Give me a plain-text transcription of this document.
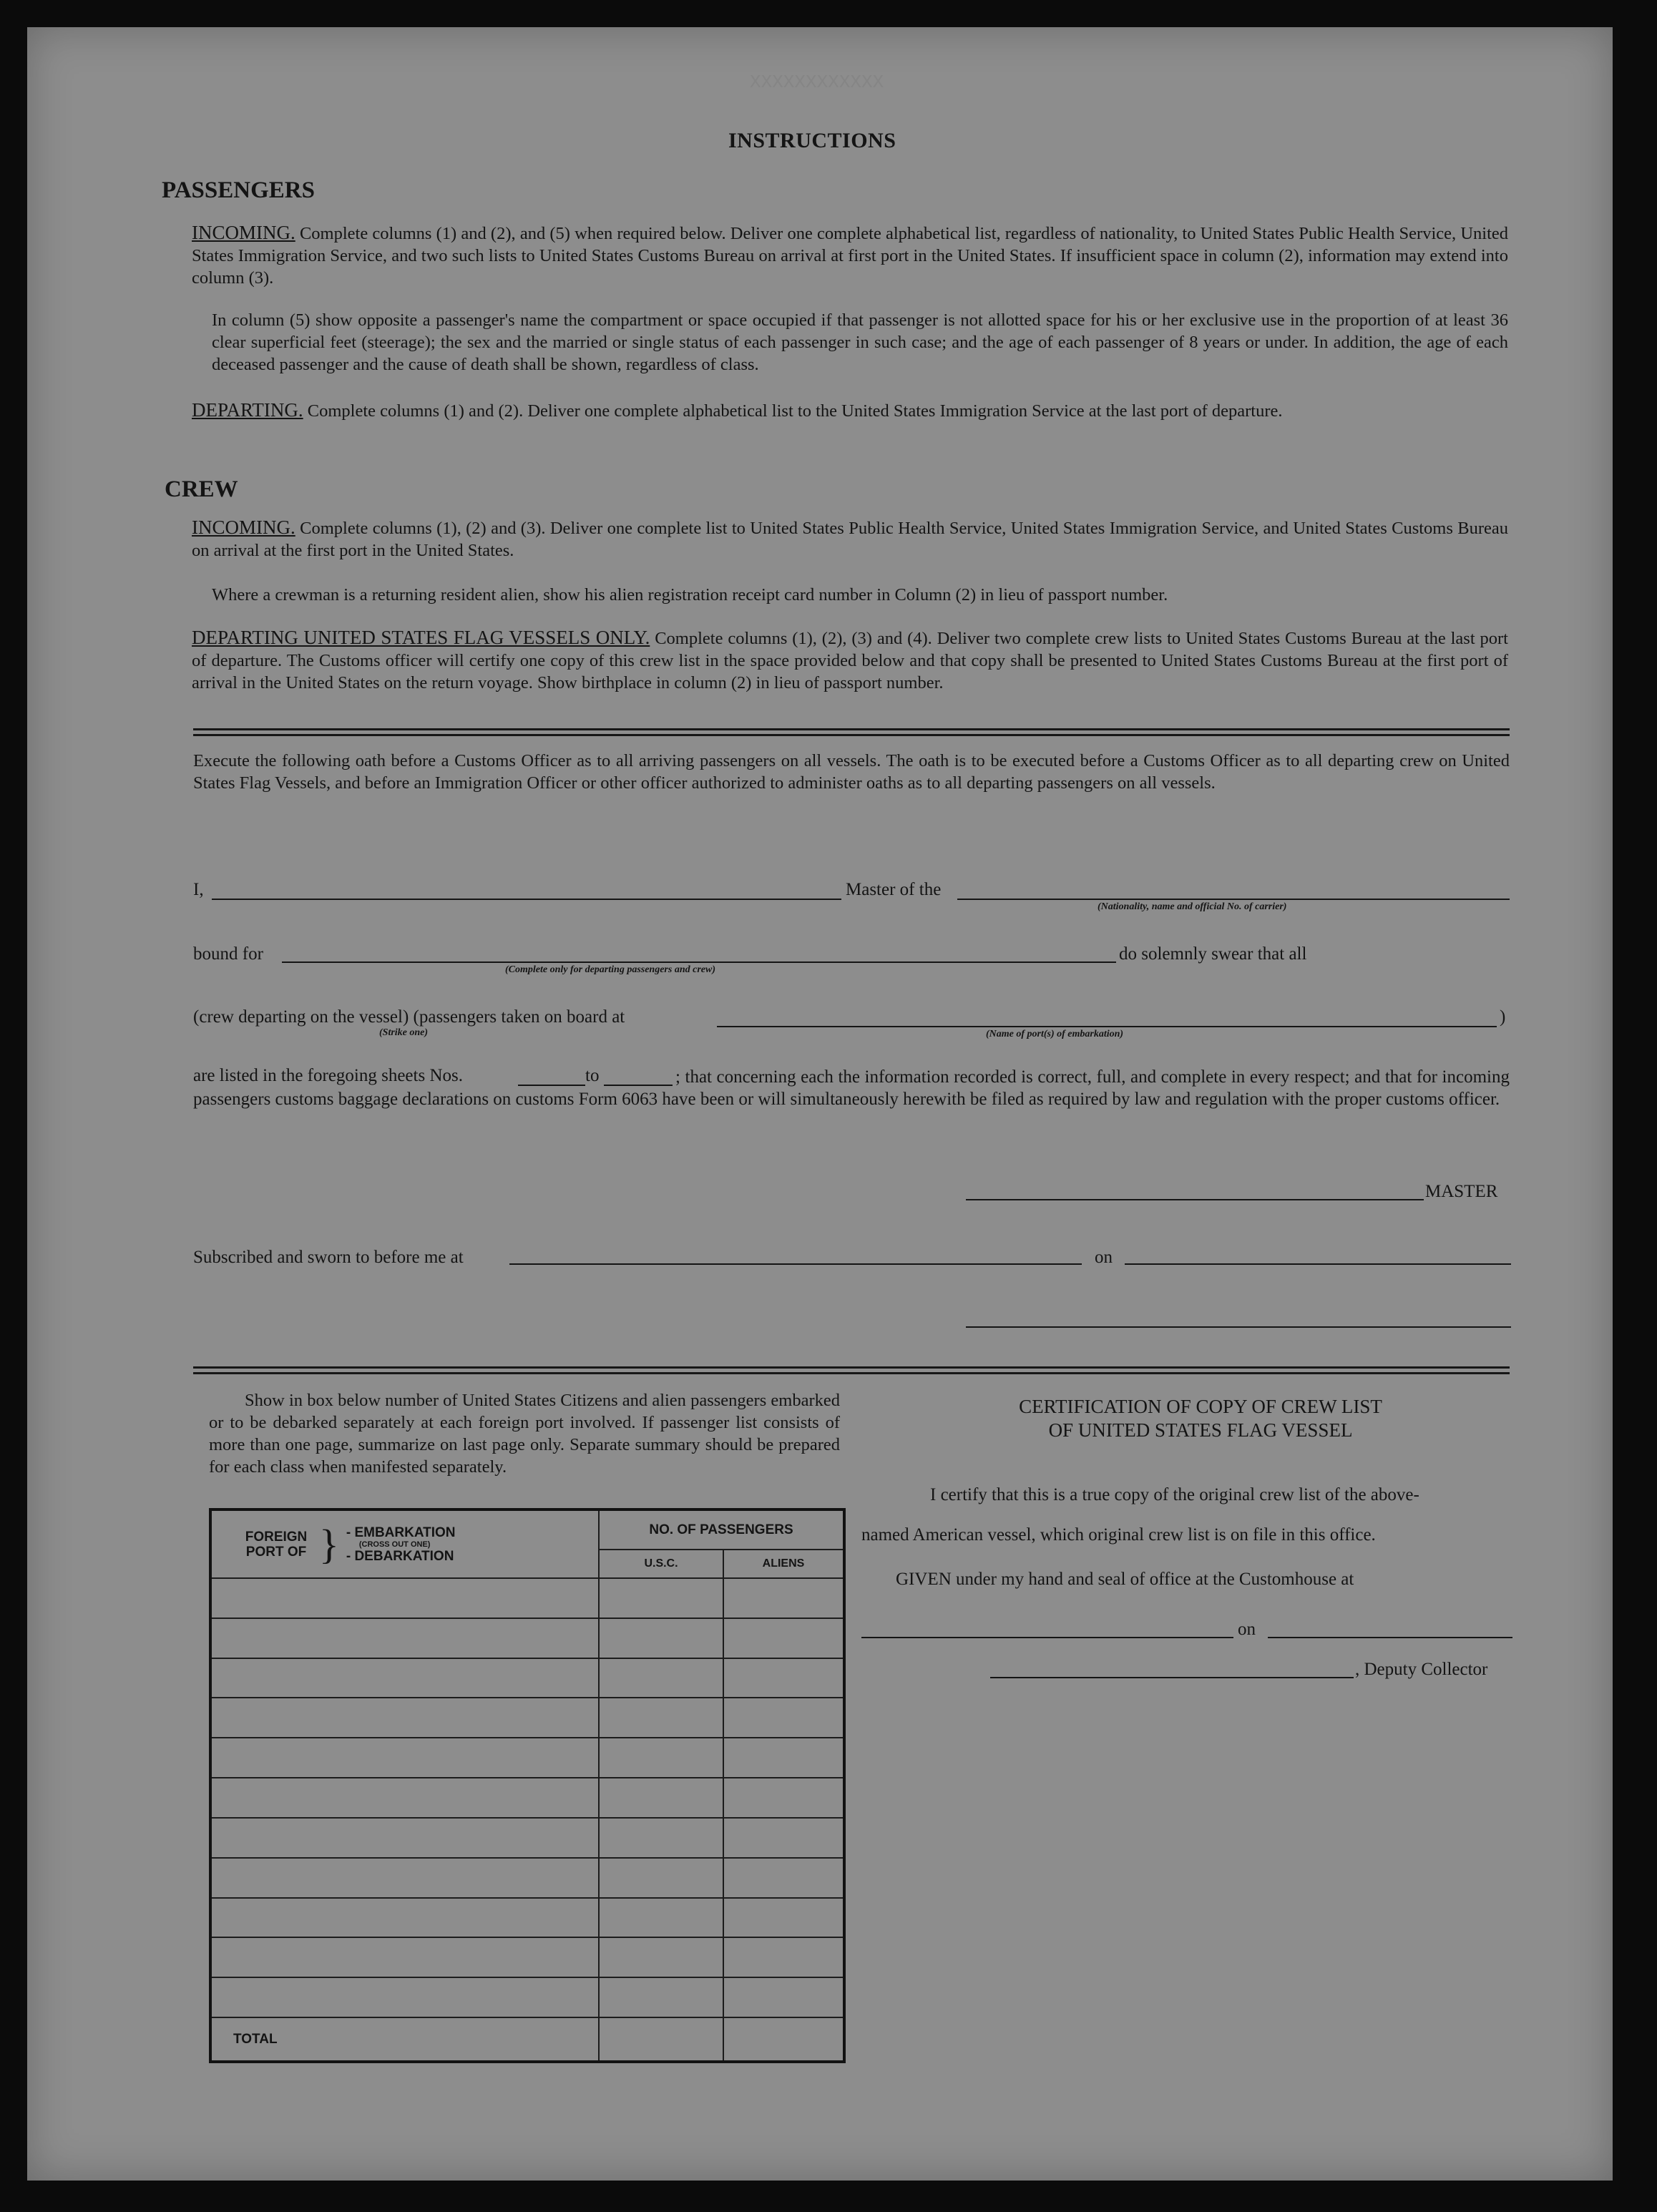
XXXXXXXXXXXX
INSTRUCTIONS
PASSENGERS
INCOMING. Complete columns (1) and (2), and (5) when required below. Deliver one complete alphabetical list, regardless of nationality, to United States Public Health Service, United States Immigration Service, and two such lists to United States Customs Bureau on arrival at first port in the United States. If insufficient space in column (2), information may extend into column (3).
In column (5) show opposite a passenger's name the compartment or space occupied if that passenger is not allotted space for his or her exclusive use in the proportion of at least 36 clear superficial feet (steerage); the sex and the married or single status of each passenger in such case; and the age of each passenger of 8 years or under. In addition, the age of each deceased passenger and the cause of death shall be shown, regardless of class.
DEPARTING. Complete columns (1) and (2). Deliver one complete alphabetical list to the United States Immigration Service at the last port of departure.
CREW
INCOMING. Complete columns (1), (2) and (3). Deliver one complete list to United States Public Health Service, United States Immigration Service, and United States Customs Bureau on arrival at the first port in the United States.
Where a crewman is a returning resident alien, show his alien registration receipt card number in Column (2) in lieu of passport number.
DEPARTING UNITED STATES FLAG VESSELS ONLY. Complete columns (1), (2), (3) and (4). Deliver two complete crew lists to United States Customs Bureau at the last port of departure. The Customs officer will certify one copy of this crew list in the space provided below and that copy shall be presented to United States Customs Bureau at the first port of arrival in the United States on the return voyage. Show birthplace in column (2) in lieu of passport number.
Execute the following oath before a Customs Officer as to all arriving passengers on all vessels. The oath is to be executed before a Customs Officer as to all departing crew on United States Flag Vessels, and before an Immigration Officer or other officer authorized to administer oaths as to all departing passengers on all vessels.
I,	Master of the
(Nationality, name and official No. of carrier)
bound for
(Complete only for departing passengers and crew)
do solemnly swear that all
(crew departing on the vessel) (passengers taken on board at
(Strike one)	(Name of port(s) of embarkation)
)
are listed in the foregoing sheets Nos.	to	; that concerning each the information recorded is correct, full, and complete in every respect; and that for incoming passengers customs baggage declarations on customs Form 6063 have been or will simultaneously herewith be filed as required by law and regulation with the proper customs officer.
MASTER
Subscribed and sworn to before me at	on
Show in box below number of United States Citizens and alien passengers embarked or to be debarked separately at each foreign port involved. If passenger list consists of more than one page, summarize on last page only. Separate summary should be prepared for each class when manifested separately.
FOREIGN PORT OF } - EMBARKATION
(CROSS OUT ONE)
- DEBARKATION	NO. OF PASSENGERS	
	U.S.C.	ALIENS

TOTAL		
CERTIFICATION OF COPY OF CREW LIST
OF UNITED STATES FLAG VESSEL
I certify that this is a true copy of the original crew list of the above-
named American vessel, which original crew list is on file in this office.
GIVEN under my hand and seal of office at the Customhouse at
on
, Deputy Collector
